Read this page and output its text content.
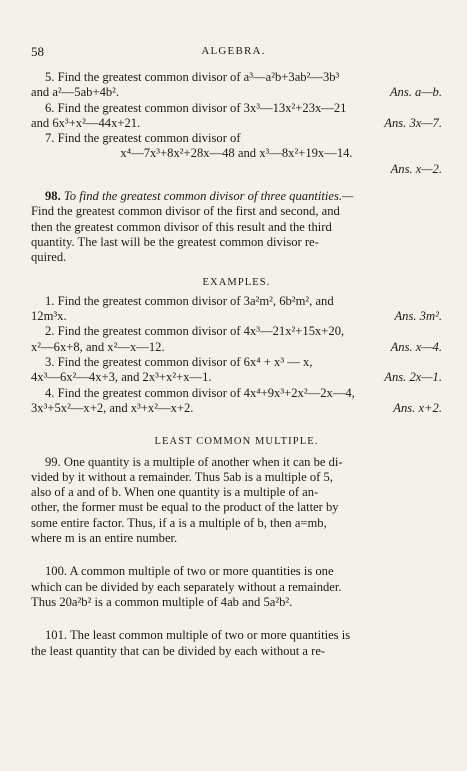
58	ALGEBRA.

5. Find the greatest common divisor of a³—a²b+3ab²—3b³

and a²—5ab+4b².	Ans. a—b.

6. Find the greatest common divisor of 3x³—13x²+23x—21

and 6x³+x²—44x+21.	Ans. 3x—7.

7. Find the greatest common divisor of

x⁴—7x³+8x²+28x—48 and x³—8x²+19x—14.

Ans. x—2.

98. To find the greatest common divisor of three quantities.—

Find the greatest common divisor of the first and second, and

then the greatest common divisor of this result and the third

quantity. The last will be the greatest common divisor re-

quired.

EXAMPLES.

1. Find the greatest common divisor of 3a²m², 6b²m², and

12m³x.	Ans. 3m².

2. Find the greatest common divisor of 4x³—21x²+15x+20,

x²—6x+8, and x²—x—12.	Ans. x—4.

3. Find the greatest common divisor of 6x⁴ + x³ — x,

4x³—6x²—4x+3, and 2x³+x²+x—1.	Ans. 2x—1.

4. Find the greatest common divisor of 4x⁴+9x³+2x²—2x—4,

3x³+5x²—x+2, and x³+x²—x+2.	Ans. x+2.

LEAST COMMON MULTIPLE.

99. One quantity is a multiple of another when it can be di-

vided by it without a remainder. Thus 5ab is a multiple of 5,

also of a and of b. When one quantity is a multiple of an-

other, the former must be equal to the product of the latter by

some entire factor. Thus, if a is a multiple of b, then a=mb,

where m is an entire number.

100. A common multiple of two or more quantities is one

which can be divided by each separately without a remainder.

Thus 20a²b² is a common multiple of 4ab and 5a²b².

101. The least common multiple of two or more quantities is

the least quantity that can be divided by each without a re-
